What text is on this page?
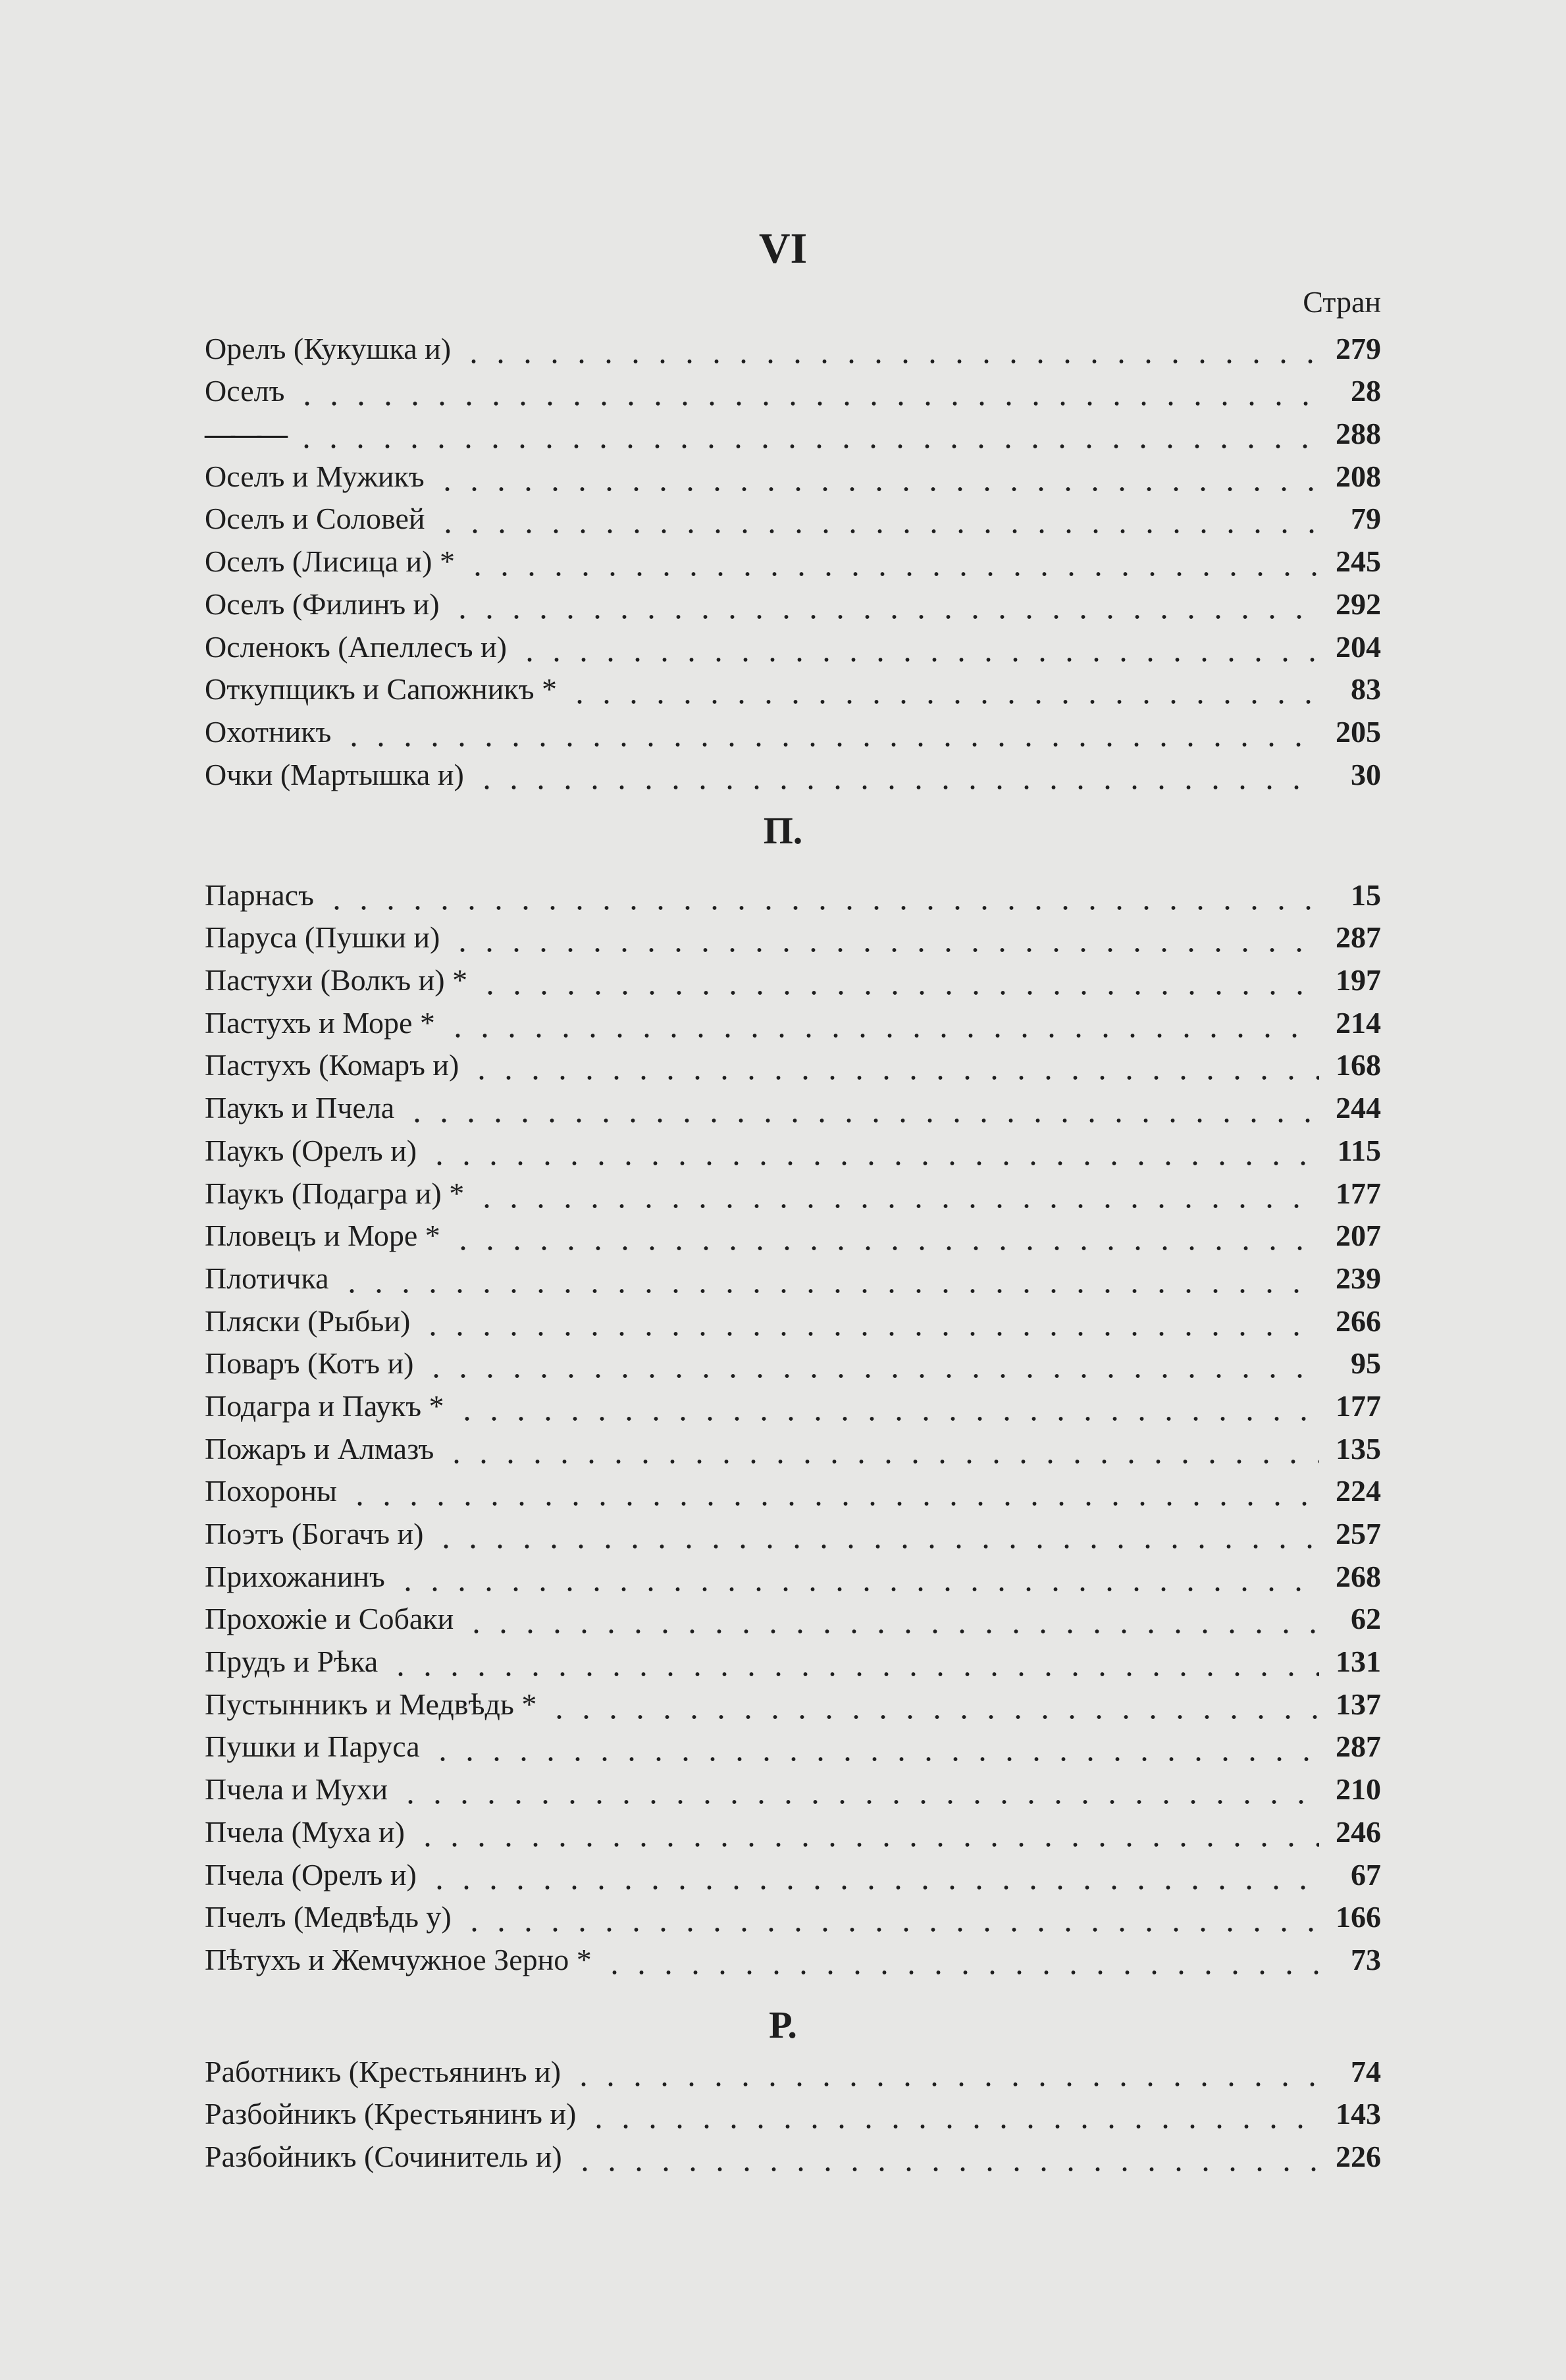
VI
Стран
Орелъ (Кукушка и)	279
Оселъ	28
———	288
Оселъ и Мужикъ	208
Оселъ и Соловей	79
Оселъ (Лисица и) *	245
Оселъ (Филинъ и)	292
Осленокъ (Апеллесъ и)	204
Откупщикъ и Сапожникъ *	83
Охотникъ	205
Очки (Мартышка и)	30
П.
Парнасъ	15
Паруса (Пушки и)	287
Пастухи (Волкъ и) *	197
Пастухъ и Море *	214
Пастухъ (Комаръ и)	168
Паукъ и Пчела	244
Паукъ (Орелъ и)	115
Паукъ (Подагра и) *	177
Пловецъ и Море *	207
Плотичка	239
Пляски (Рыбьи)	266
Поваръ (Котъ и)	95
Подагра и Паукъ *	177
Пожаръ и Алмазъ	135
Похороны	224
Поэтъ (Богачъ и)	257
Прихожанинъ	268
Прохожіе и Собаки	62
Прудъ и Рѣка	131
Пустынникъ и Медвѣдь *	137
Пушки и Паруса	287
Пчела и Мухи	210
Пчела (Муха и)	246
Пчела (Орелъ и)	67
Пчелъ (Медвѣдь у)	166
Пѣтухъ и Жемчужное Зерно *	73
Р.
Работникъ (Крестьянинъ и)	74
Разбойникъ (Крестьянинъ и)	143
Разбойникъ (Сочинитель и)	226
